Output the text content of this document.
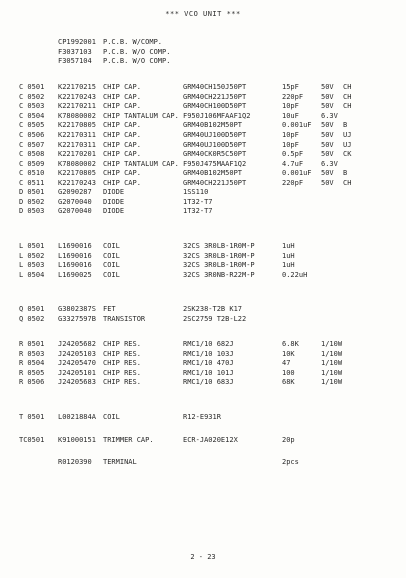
*** VCO UNIT ***
CP1992001 P.C.B. W/COMP.
F3037103 P.C.B. W/O COMP.
F3057104 P.C.B. W/O COMP.
C 0501 K22170215 CHIP CAP.	GRM40CH150J50PT	15pF	50V CH
C 0502 K22170243 CHIP CAP.	GRM40CH221J50PT	220pF	50V CH
C 0503 K22170211 CHIP CAP.	GRM40CH100D50PT	10pF	50V CH
C 0504 K78080002 CHIP TANTALUM CAP. F950J106MFAAF1Q2	10uF	6.3V
C 0505 K22170805 CHIP CAP.	GRM40B102M50PT	0.001uF 50V B
C 0506 K22170311 CHIP CAP.	GRM40UJ100D50PT	10pF	50V UJ
C 0507 K22170311 CHIP CAP.	GRM40UJ100D50PT	10pF	50V UJ
C 0508 K22170201 CHIP CAP.	GRM40CK0R5C50PT	0.5pF	50V CK
C 0509 K78080002 CHIP TANTALUM CAP. F950J475MAAF1Q2	4.7uF	6.3V
C 0510 K22170805 CHIP CAP.	GRM40B102M50PT	0.001uF 50V B
C 0511 K22170243 CHIP CAP.	GRM40CH221J50PT	220pF	50V CH
D 0501 G2090287 DIODE	1SS110
D 0502 G2070040 DIODE	1T32-T7
D 0503 G2070040 DIODE	1T32-T7
L 0501 L1690016 COIL	32CS 3R0LB-1R0M-P	1uH
L 0502 L1690016 COIL	32CS 3R0LB-1R0M-P	1uH
L 0503 L1690016 COIL	32CS 3R0LB-1R0M-P	1uH
L 0504 L1690025 COIL	32CS 3R0NB-R22M-P	0.22uH
Q 0501 G3802387S FET	2SK238-T2B K17
Q 0502 G3327597B TRANSISTOR	2SC2759 T2B-L22
R 0501 J24205682 CHIP RES.	RMC1/10 682J	6.8K	1/10W
R 0503 J24205103 CHIP RES.	RMC1/10 103J	10K	1/10W
R 0504 J24205470 CHIP RES.	RMC1/10 470J	47	1/10W
R 0505 J24205101 CHIP RES.	RMC1/10 101J	100	1/10W
R 0506 J24205683 CHIP RES.	RMC1/10 683J	68K	1/10W
T 0501 L0021884A COIL	R12-E931R
TC0501 K91000151 TRIMMER CAP.	ECR-JA020E12X	20p
R0120390 TERMINAL	2pcs
2 - 23
